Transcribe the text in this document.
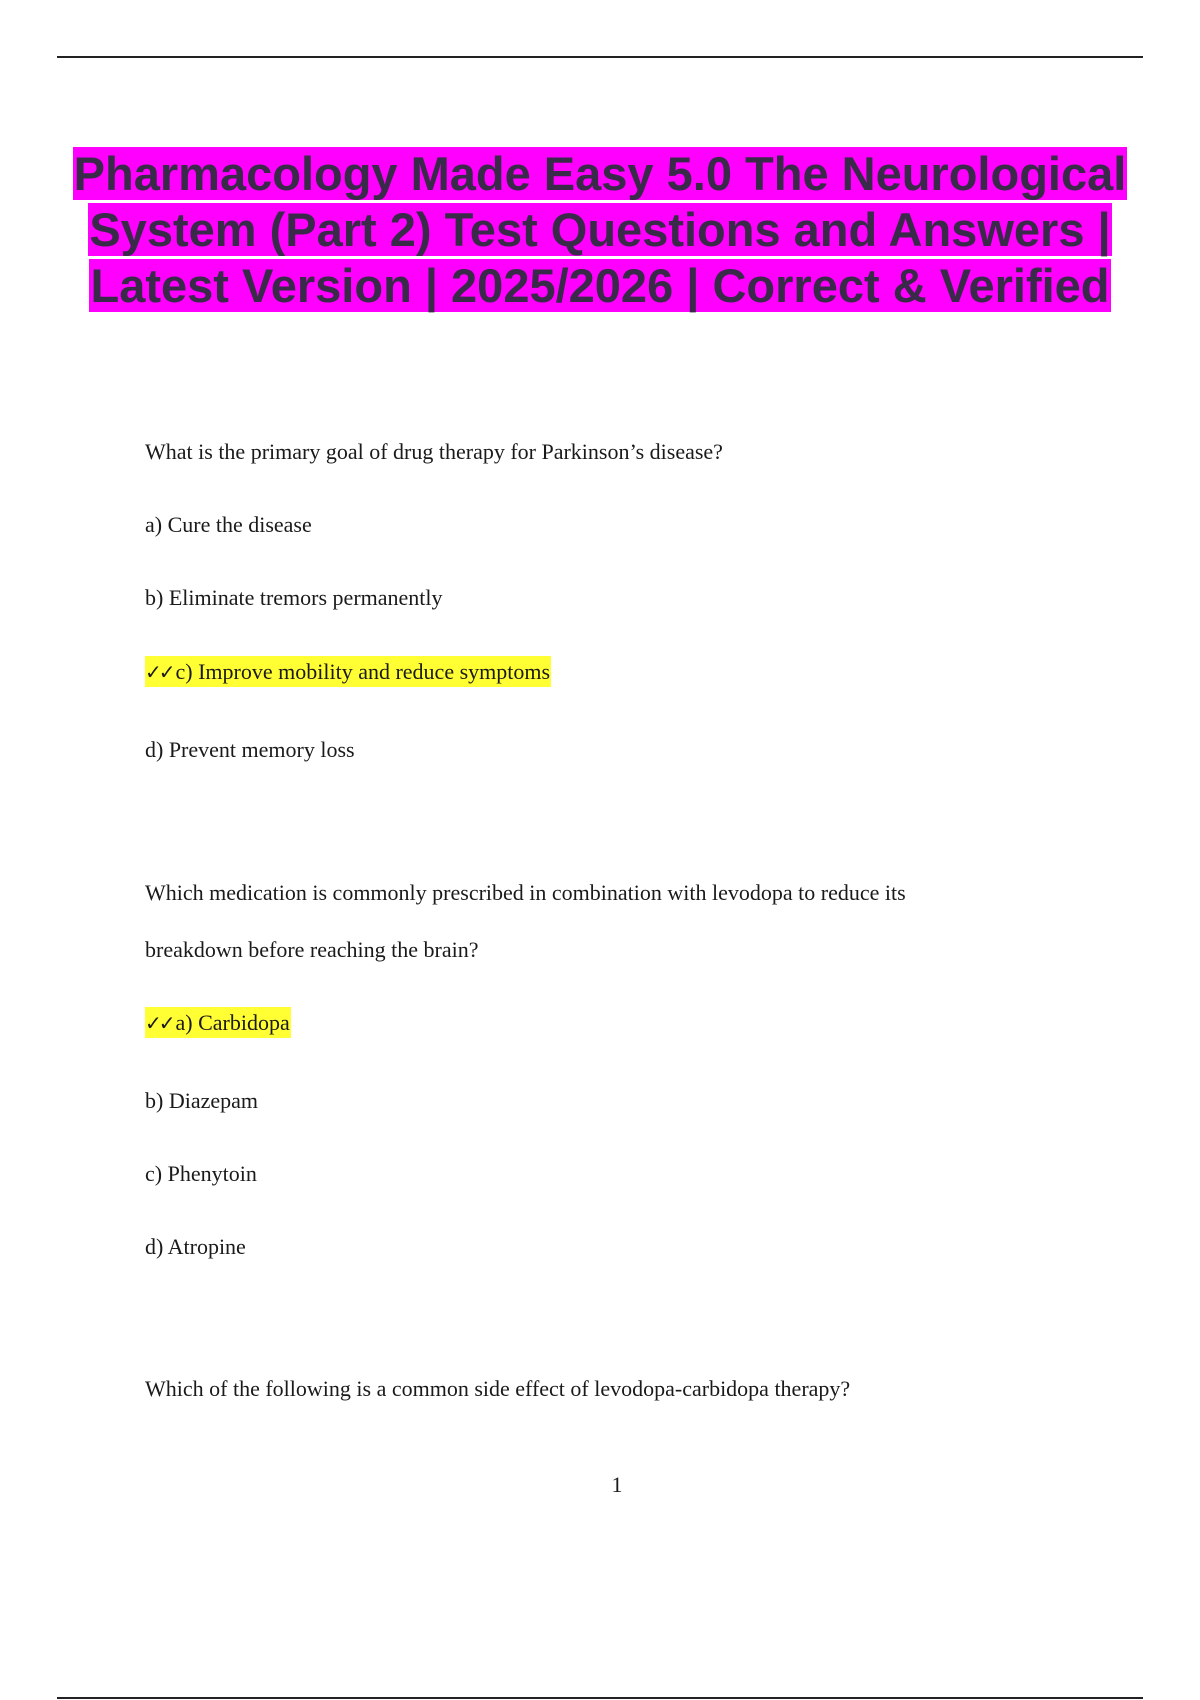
Pharmacology Made Easy 5.0 The Neurological System (Part 2) Test Questions and Answers | Latest Version | 2025/2026 | Correct & Verified

What is the primary goal of drug therapy for Parkinson’s disease?

a) Cure the disease

b) Eliminate tremors permanently

✓✓ c) Improve mobility and reduce symptoms

d) Prevent memory loss

Which medication is commonly prescribed in combination with levodopa to reduce its

breakdown before reaching the brain?

✓✓ a) Carbidopa

b) Diazepam

c) Phenytoin

d) Atropine

Which of the following is a common side effect of levodopa-carbidopa therapy?

1
